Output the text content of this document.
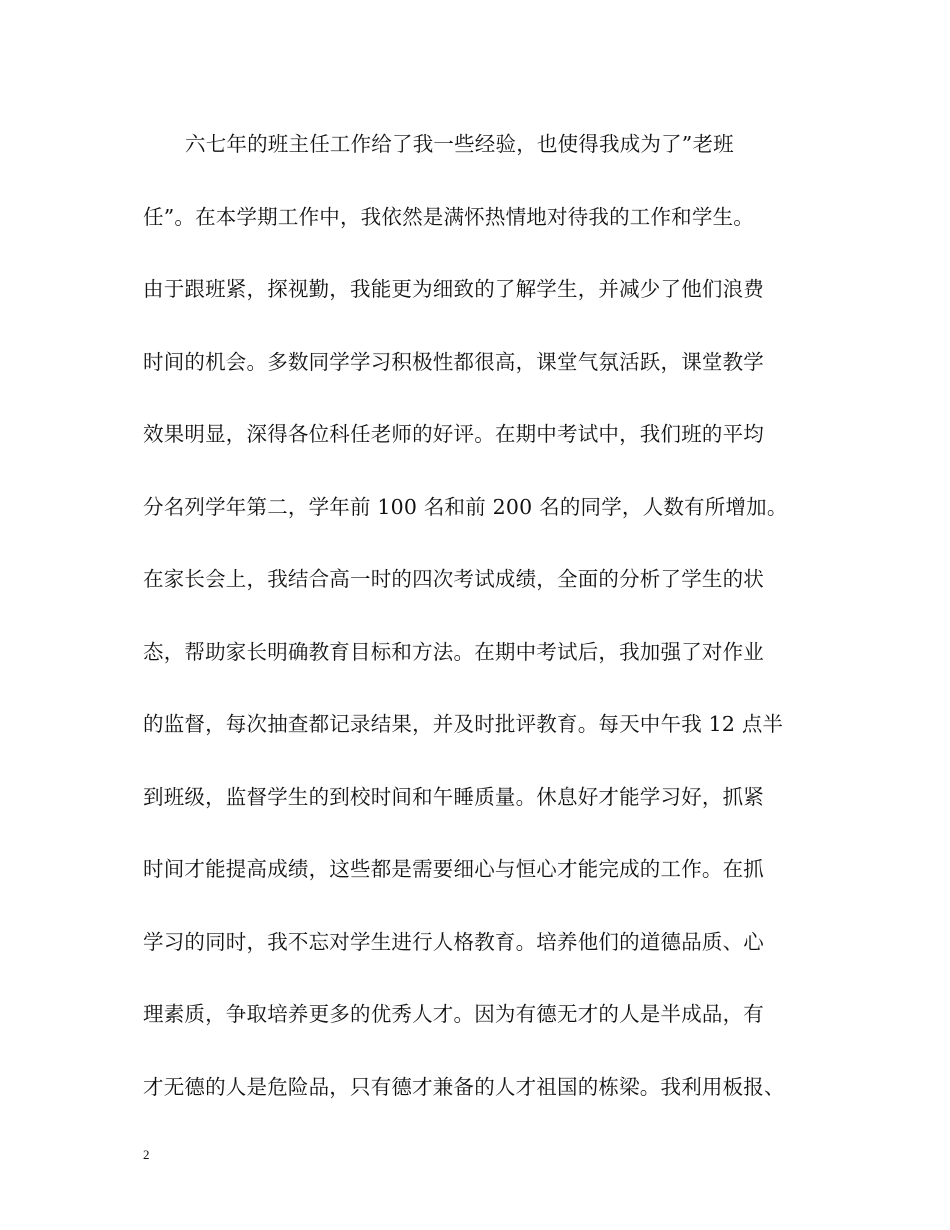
六七年的班主任工作给了我一些经验，也使得我成为了”老班
任”。在本学期工作中，我依然是满怀热情地对待我的工作和学生。
由于跟班紧，探视勤，我能更为细致的了解学生，并减少了他们浪费
时间的机会。多数同学学习积极性都很高，课堂气氛活跃，课堂教学
效果明显，深得各位科任老师的好评。在期中考试中，我们班的平均
分名列学年第二，学年前 100 名和前 200 名的同学，人数有所增加。
在家长会上，我结合高一时的四次考试成绩，全面的分析了学生的状
态，帮助家长明确教育目标和方法。在期中考试后，我加强了对作业
的监督，每次抽查都记录结果，并及时批评教育。每天中午我 12 点半
到班级，监督学生的到校时间和午睡质量。休息好才能学习好，抓紧
时间才能提高成绩，这些都是需要细心与恒心才能完成的工作。在抓
学习的同时，我不忘对学生进行人格教育。培养他们的道德品质、心
理素质，争取培养更多的优秀人才。因为有德无才的人是半成品，有
才无德的人是危险品，只有德才兼备的人才祖国的栋梁。我利用板报、
2
